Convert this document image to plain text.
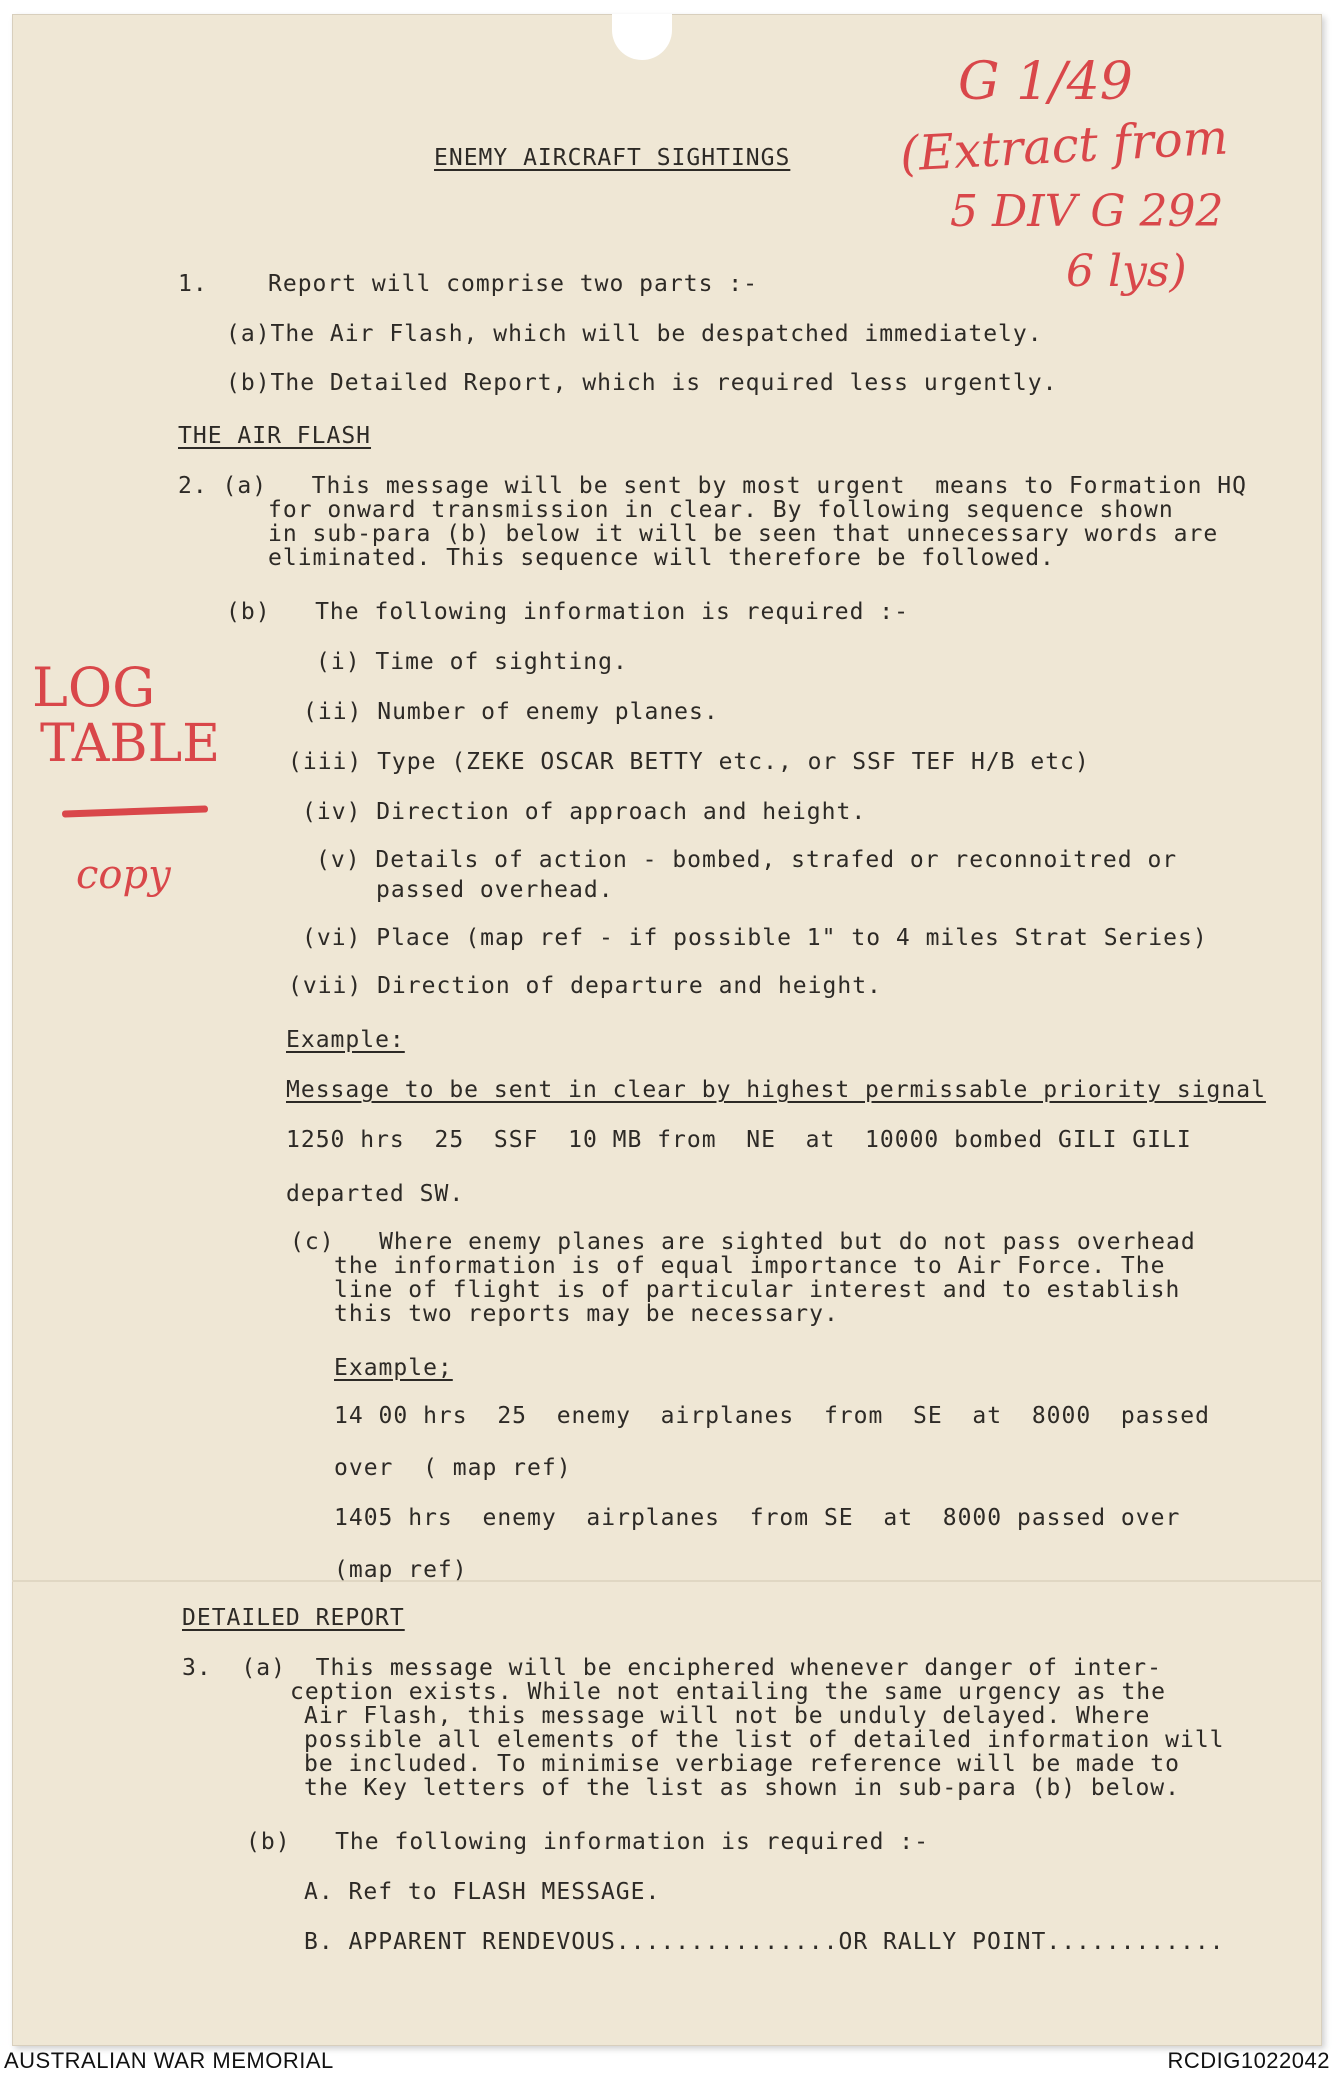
ENEMY AIRCRAFT SIGHTINGS

1.	Report will comprise two parts :-

(a)The Air Flash, which will be despatched immediately.

(b)The Detailed Report, which is required less urgently.

THE AIR FLASH

2. (a)   This message will be sent by most urgent  means to Formation HQ

for onward transmission in clear. By following sequence shown

in sub-para (b) below it will be seen that unnecessary words are

eliminated. This sequence will therefore be followed.

(b)   The following information is required :-

(i) Time of sighting.

(ii) Number of enemy planes.

(iii) Type (ZEKE OSCAR BETTY etc., or SSF TEF H/B etc)

(iv) Direction of approach and height.

(v) Details of action - bombed, strafed or reconnoitred or

passed overhead.

(vi) Place (map ref - if possible 1" to 4 miles Strat Series)

(vii) Direction of departure and height.

Example:

Message to be sent in clear by highest permissable priority signal

1250 hrs  25  SSF  10 MB from  NE  at  10000 bombed GILI GILI

departed SW.

(c)   Where enemy planes are sighted but do not pass overhead

the information is of equal importance to Air Force. The

line of flight is of particular interest and to establish

this two reports may be necessary.

Example;

14 00 hrs  25  enemy  airplanes  from  SE  at  8000  passed

over  ( map ref)

1405 hrs  enemy  airplanes  from SE  at  8000 passed over

(map ref)

DETAILED REPORT

3.  (a)  This message will be enciphered whenever danger of inter-

ception exists. While not entailing the same urgency as the

Air Flash, this message will not be unduly delayed. Where

possible all elements of the list of detailed information will

be included. To minimise verbiage reference will be made to

the Key letters of the list as shown in sub-para (b) below.

(b)   The following information is required :-

A. Ref to FLASH MESSAGE.

B. APPARENT RENDEVOUS...............OR RALLY POINT............

G 1/49
(Extract from
5 DIV G 292
6 lys)
LOG
TABLE
copy
AUSTRALIAN WAR MEMORIAL	RCDIG1022042
